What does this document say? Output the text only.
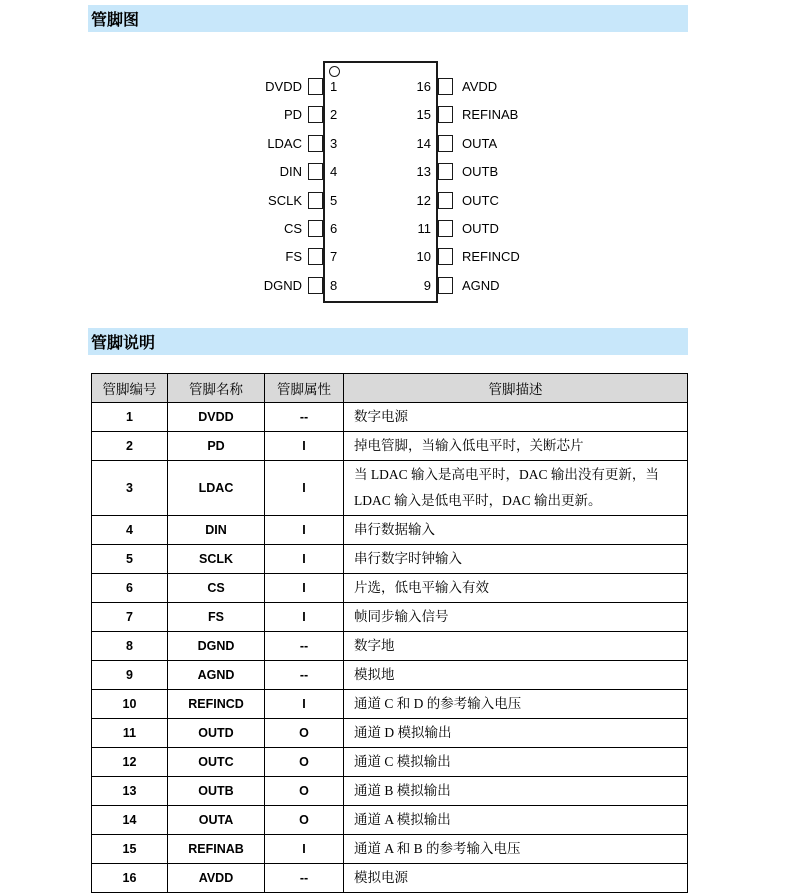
管脚图
DVDD 1	16 AVDD
PD 2	15 REFINAB
LDAC 3	14 OUTA
DIN 4	13 OUTB
SCLK 5	12 OUTC
CS 6	11 OUTD
FS 7	10 REFINCD
DGND 8	9 AGND
管脚说明
管脚编号	管脚名称	管脚属性	管脚描述
1	DVDD	--	数字电源
2	PD	I	掉电管脚，当输入低电平时，关断芯片
3	LDAC	I	当 LDAC 输入是高电平时，DAC 输出没有更新，当 LDAC 输入是低电平时，DAC 输出更新。
4	DIN	I	串行数据输入
5	SCLK	I	串行数字时钟输入
6	CS	I	片选，低电平输入有效
7	FS	I	帧同步输入信号
8	DGND	--	数字地
9	AGND	--	模拟地
10	REFINCD	I	通道 C 和 D 的参考输入电压
11	OUTD	O	通道 D 模拟输出
12	OUTC	O	通道 C 模拟输出
13	OUTB	O	通道 B 模拟输出
14	OUTA	O	通道 A 模拟输出
15	REFINAB	I	通道 A 和 B 的参考输入电压
16	AVDD	--	模拟电源
